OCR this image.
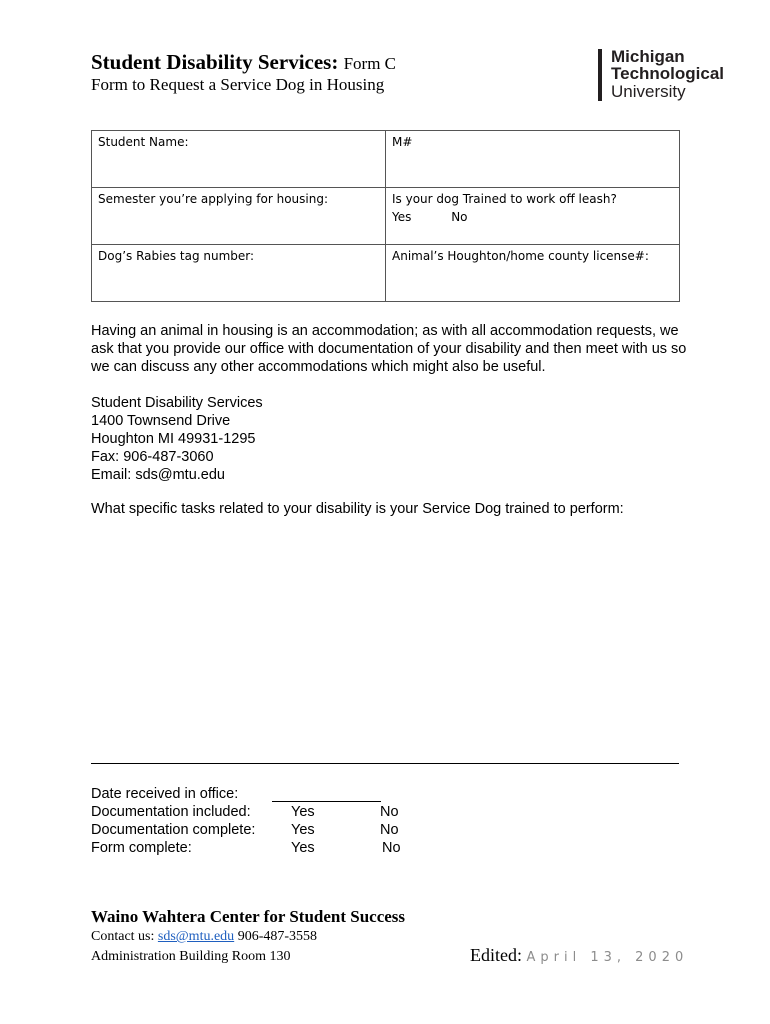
Student Disability Services: Form C
Form to Request a Service Dog in Housing
Michigan
Technological
University
Student Name:	M#
Semester you’re applying for housing:	Is your dog Trained to work off leash?
Yes No

Dog’s Rabies tag number:	Animal’s Houghton/home county license#:
Having an animal in housing is an accommodation; as with all accommodation requests, we ask that you provide our office with documentation of your disability and then meet with us so we can discuss any other accommodations which might also be useful.
Student Disability Services
1400 Townsend Drive
Houghton MI 49931-1295
Fax: 906-487-3060
Email: sds@mtu.edu
What specific tasks related to your disability is your Service Dog trained to perform:
Date received in office:
Documentation included:	Yes	No
Documentation complete: Yes	No
Form complete:	Yes	No
Waino Wahtera Center for Student Success
Contact us: sds@mtu.edu 906-487-3558
Administration Building Room 130	Edited: April 13, 2020
